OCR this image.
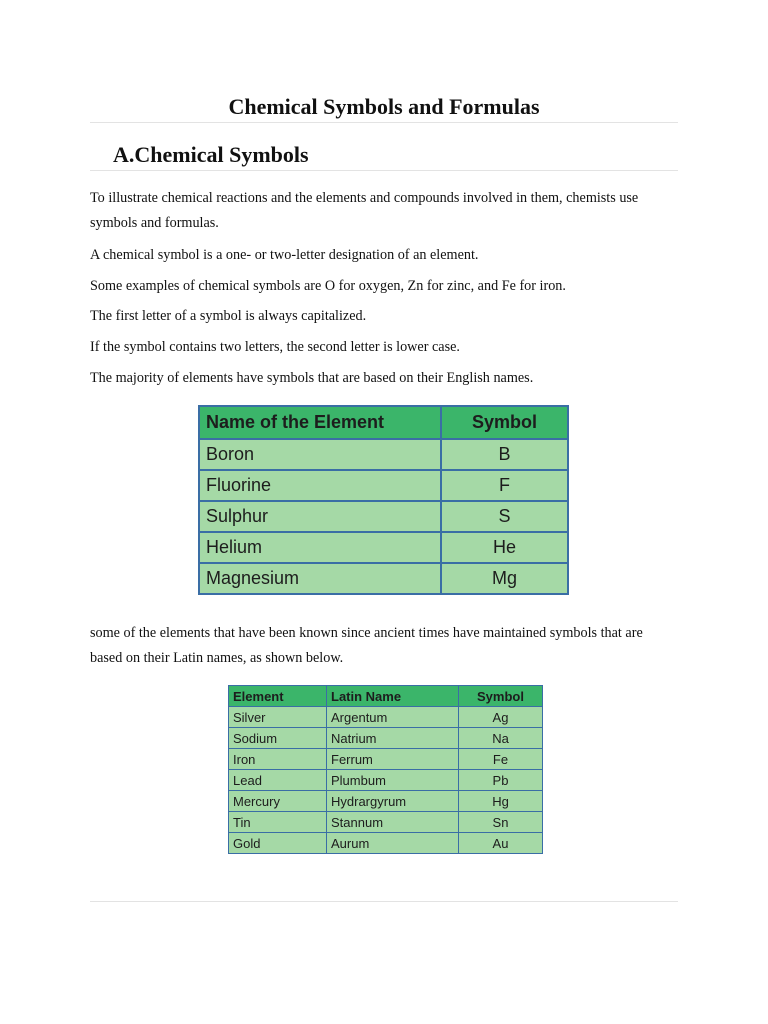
Chemical Symbols and Formulas
A.Chemical Symbols

To illustrate chemical reactions and the elements and compounds involved in them, chemists use symbols and formulas.

A chemical symbol is a one- or two-letter designation of an element.

Some examples of chemical symbols are O for oxygen, Zn for zinc, and Fe for iron.

The first letter of a symbol is always capitalized.

If the symbol contains two letters, the second letter is lower case.

The majority of elements have symbols that are based on their English names.

Name of the Element	Symbol
Boron	B
Fluorine	F
Sulphur	S
Helium	He
Magnesium	Mg

some of the elements that have been known since ancient times have maintained symbols that are based on their Latin names, as shown below.

Element	Latin Name	Symbol
Silver	Argentum	Ag
Sodium	Natrium	Na
Iron	Ferrum	Fe
Lead	Plumbum	Pb
Mercury	Hydrargyrum	Hg
Tin	Stannum	Sn
Gold	Aurum	Au
